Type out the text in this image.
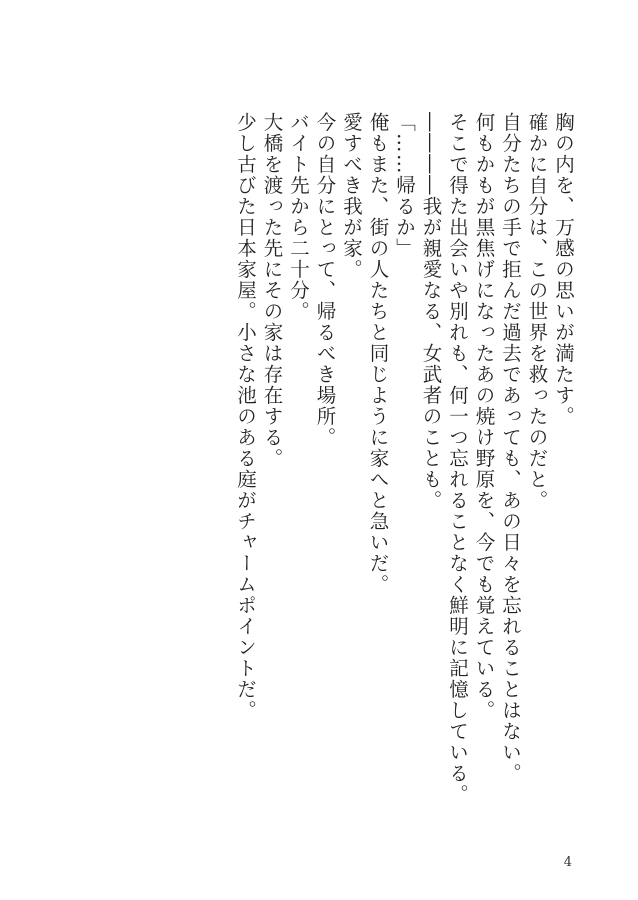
胸の内を、万感の思いが満たす。
確かに自分は、この世界を救ったのだと。
自分たちの手で拒んだ過去であっても、あの日々を忘れることはない。
何もかもが黒焦げになったあの焼け野原を、今でも覚えている。
そこで得た出会いや別れも、何一つ忘れることなく鮮明に記憶している。
――――我が親愛なる、女武者のことも。
「……帰るか」
俺もまた、街の人たちと同じように家へと急いだ。
愛すべき我が家。
今の自分にとって、帰るべき場所。
バイト先から二十分。
大橋を渡った先にその家は存在する。
少し古びた日本家屋。小さな池のある庭がチャームポイントだ。
4
